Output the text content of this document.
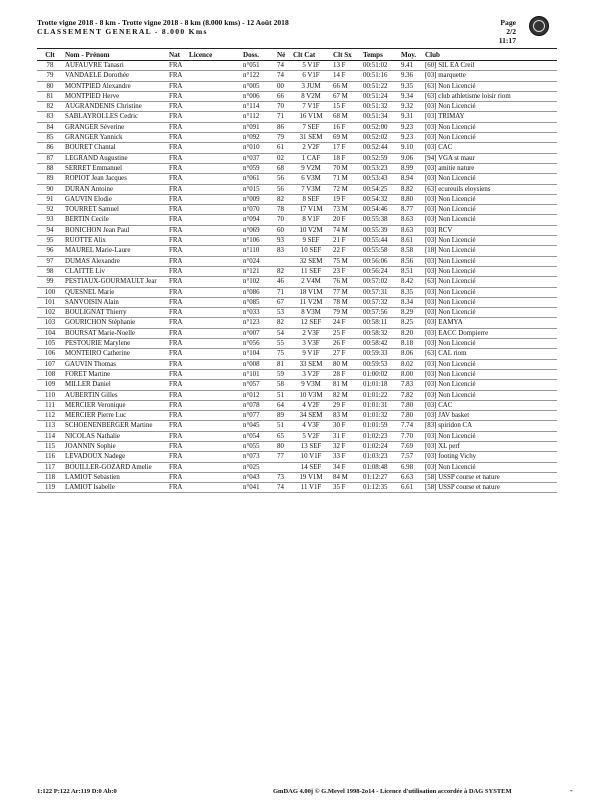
Trotte vigne 2018 - 8 km - Trotte vigne 2018 - 8 km (8.000 kms) - 12 Août 2018
CLASSEMENT GENERAL - 8.000 Kms
Page 2/2
11:17
Clt	Nom - Prénom	Nat	Licence	Doss.	Né	Clt Cat	Clt Sx	Temps	Moy.	Club
78	AUFAUVRE Tanasri	FRA		n°051	74	5 V1F	13 F	00:51:02	9.41	[60] SIL EA Creil
79	VANDAELE Dorothée	FRA		n°122	74	6 V1F	14 F	00:51:16	9.36	[03] marquette
80	MONTPIED Alexandre	FRA		n°005	00	3 JUM	66 M	00:51:22	9.35	[63] Non Licencié
81	MONTPIED Herve	FRA		n°006	66	8 V2M	67 M	00:51:24	9.34	[63] club athletisme loisir riom
82	AUGRANDENIS Christine	FRA		n°114	70	7 V1F	15 F	00:51:32	9.32	[03] Non Licencié
83	SABLAYROLLES Cedric	FRA		n°112	71	16 V1M	68 M	00:51:34	9.31	[03] TRIMAY
84	GRANGER Séverine	FRA		n°091	86	7 SEF	16 F	00:52:00	9.23	[03] Non Licencié
85	GRANGER Yannick	FRA		n°092	79	31 SEM	69 M	00:52:02	9.23	[03] Non Licencié
86	BOURET Chantal	FRA		n°010	61	2 V2F	17 F	00:52:44	9.10	[03] CAC
87	LEGRAND Augustine	FRA		n°037	02	1 CAF	18 F	00:52:59	9.06	[94] VGA st maur
88	SERRET Emmanuel	FRA		n°059	68	9 V2M	70 M	00:53:23	8.99	[03] amitie nature
89	ROPIOT Jean Jacques	FRA		n°061	56	6 V3M	71 M	00:53:43	8.94	[03] Non Licencié
90	DURAN Antoine	FRA		n°015	56	7 V3M	72 M	00:54:25	8.82	[63] ecureuils eloysiens
91	GAUVIN Elodie	FRA		n°009	82	8 SEF	19 F	00:54:32	8.80	[03] Non Licencié
92	TOURRET Samuel	FRA		n°070	78	17 V1M	73 M	00:54:46	8.77	[03] Non Licencié
93	BERTIN Cecile	FRA		n°094	70	8 V1F	20 F	00:55:38	8.63	[03] Non Licencié
94	BONICHON Jean Paul	FRA		n°069	60	10 V2M	74 M	00:55:39	8.63	[03] RCV
95	RUOTTE Alix	FRA		n°106	93	9 SEF	21 F	00:55:44	8.61	[03] Non Licencié
96	MAUREL Marie-Laure	FRA		n°110	83	10 SEF	22 F	00:55:58	8.58	[18] Non Licencié
97	DUMAS Alexandre	FRA		n°024		32 SEM	75 M	00:56:06	8.56	[03] Non Licencié
98	CLAITTE Liv	FRA		n°121	82	11 SEF	23 F	00:56:24	8.51	[03] Non Licencié
99	PESTIAUX-GOURMAULT Jear	FRA		n°102	46	2 V4M	76 M	00:57:02	8.42	[63] Non Licencié
100	QUESNEL Marie	FRA		n°086	71	18 V1M	77 M	00:57:31	8.35	[03] Non Licencié
101	SANVOISIN Alain	FRA		n°085	67	11 V2M	78 M	00:57:32	8.34	[03] Non Licencié
102	BOULIGNAT Thierry	FRA		n°033	53	8 V3M	79 M	00:57:56	8.29	[03] Non Licencié
103	GOURICHON Stéphanie	FRA		n°123	82	12 SEF	24 F	00:58:11	8.25	[03] EAMYA
104	BOURSAT Marie-Noelle	FRA		n°007	54	2 V3F	25 F	00:58:32	8.20	[03] EACC Dompierre
105	PESTOURIE Marylene	FRA		n°056	55	3 V3F	26 F	00:58:42	8.18	[03] Non Licencié
106	MONTEIRO Catherine	FRA		n°104	75	9 V1F	27 F	00:59:33	8.06	[63] CAL riom
107	GAUVIN Thomas	FRA		n°008	81	33 SEM	80 M	00:59:53	8.02	[03] Non Licencié
108	FORET Martine	FRA		n°101	59	3 V2F	28 F	01:00:02	8.00	[03] Non Licencié
109	MILLER Daniel	FRA		n°057	58	9 V3M	81 M	01:01:18	7.83	[03] Non Licencié
110	AUBERTIN Gilles	FRA		n°012	51	10 V3M	82 M	01:01:22	7.82	[03] Non Licencié
111	MERCIER Veronique	FRA		n°078	64	4 V2F	29 F	01:01:31	7.80	[03] CAC
112	MERCIER Pierre Luc	FRA		n°077	89	34 SEM	83 M	01:01:32	7.80	[03] JAV basket
113	SCHOENENBERGER Martine	FRA		n°045	51	4 V3F	30 F	01:01:59	7.74	[83] spiridon CA
114	NICOLAS Nathalie	FRA		n°054	65	5 V2F	31 F	01:02:23	7.70	[03] Non Licencié
115	JOANNIN Sophie	FRA		n°055	80	13 SEF	32 F	01:02:24	7.69	[03] XL perf
116	LEVADOUX Nadege	FRA		n°073	77	10 V1F	33 F	01:03:23	7.57	[03] footing Vichy
117	BOUILLER-GOZARD Amelie	FRA		n°025		14 SEF	34 F	01:08:48	6.98	[03] Non Licencié
118	LAMIOT Sebastien	FRA		n°043	73	19 V1M	84 M	01:12:27	6.63	[58] USSP course et nature
119	LAMIOT Isabelle	FRA		n°041	74	11 V1F	35 F	01:12:35	6.61	[58] USSP course et nature
1:122 P:122 Ar:119 D:0 Ab:0	GmDAG 4.00j © G.Mevel 1998-2o14 - Licence d'utilisation accordée à DAG SYSTEM	-
